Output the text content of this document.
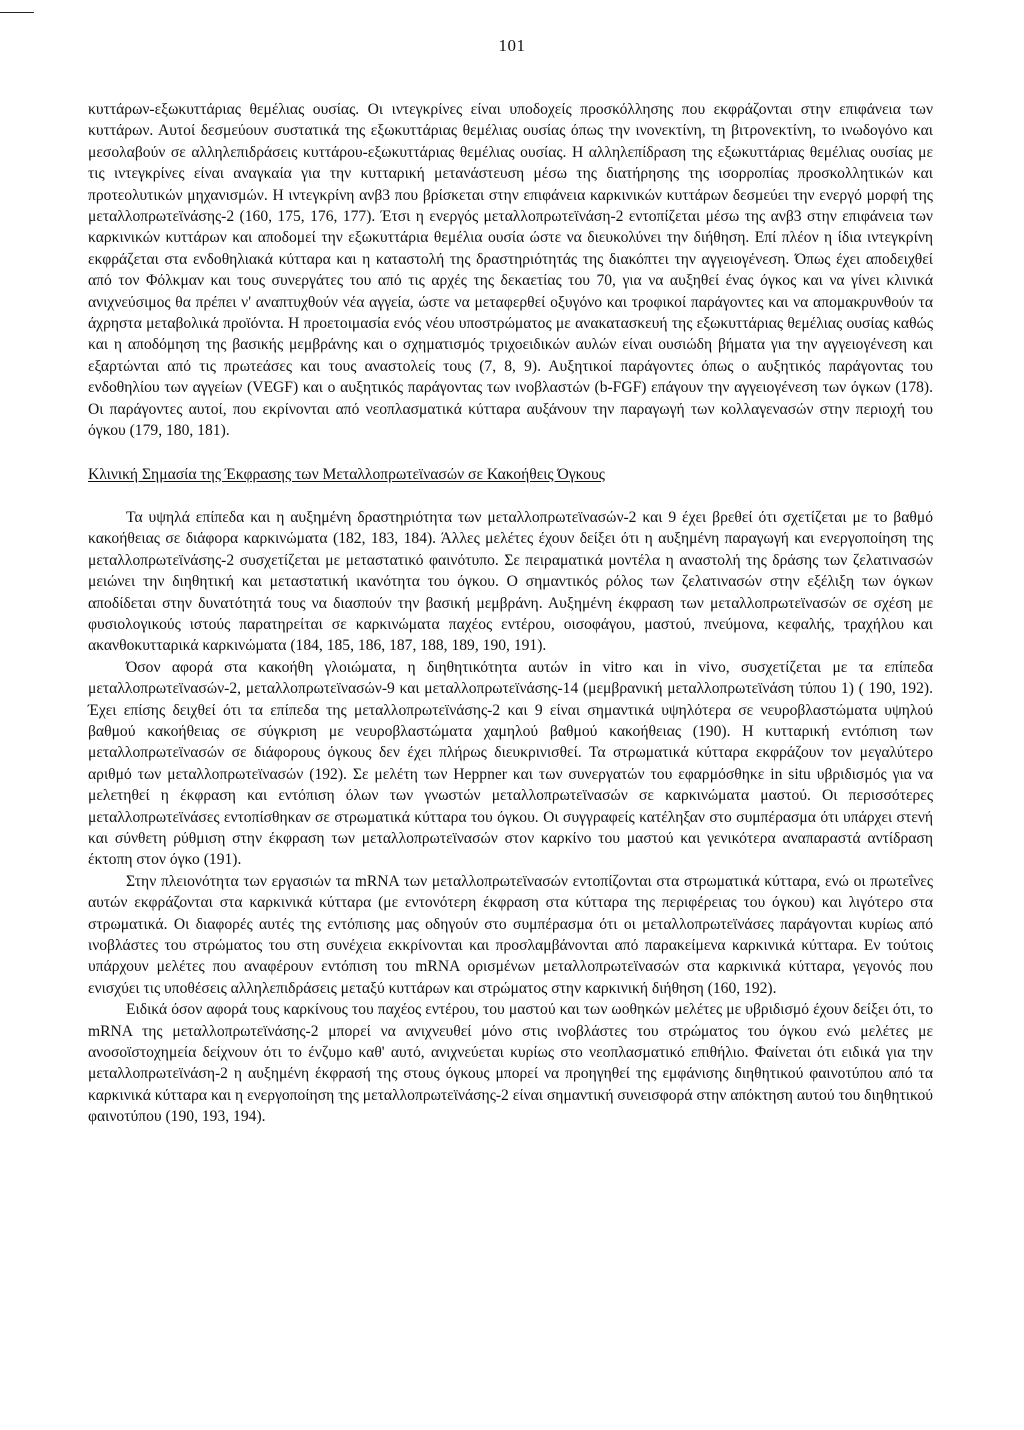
101

κυττάρων-εξωκυττάριας θεμέλιας ουσίας. Οι ιντεγκρίνες είναι υποδοχείς προσκόλλησης που εκφράζονται στην επιφάνεια των κυττάρων. Αυτοί δεσμεύουν συστατικά της εξωκυττάριας θεμέλιας ουσίας όπως την ινονεκτίνη, τη βιτρονεκτίνη, το ινωδογόνο και μεσολαβούν σε αλληλεπιδράσεις κυττάρου-εξωκυττάριας θεμέλιας ουσίας. Η αλληλεπίδραση της εξωκυττάριας θεμέλιας ουσίας με τις ιντεγκρίνες είναι αναγκαία για την κυτταρική μετανάστευση μέσω της διατήρησης της ισορροπίας προσκολλητικών και προτεολυτικών μηχανισμών. Η ιντεγκρίνη ανβ3 που βρίσκεται στην επιφάνεια καρκινικών κυττάρων δεσμεύει την ενεργό μορφή της μεταλλοπρωτεϊνάσης-2 (160, 175, 176, 177). Έτσι η ενεργός μεταλλοπρωτεϊνάση-2 εντοπίζεται μέσω της ανβ3 στην επιφάνεια των καρκινικών κυττάρων και αποδομεί την εξωκυττάρια θεμέλια ουσία ώστε να διευκολύνει την διήθηση. Επί πλέον η ίδια ιντεγκρίνη εκφράζεται στα ενδοθηλιακά κύτταρα και η καταστολή της δραστηριότητάς της διακόπτει την αγγειογένεση. Όπως έχει αποδειχθεί από τον Φόλκμαν και τους συνεργάτες του από τις αρχές της δεκαετίας του 70, για να αυξηθεί ένας όγκος και να γίνει κλινικά ανιχνεύσιμος θα πρέπει ν' αναπτυχθούν νέα αγγεία, ώστε να μεταφερθεί οξυγόνο και τροφικοί παράγοντες και να απομακρυνθούν τα άχρηστα μεταβολικά προϊόντα. Η προετοιμασία ενός νέου υποστρώματος με ανακατασκευή της εξωκυττάριας θεμέλιας ουσίας καθώς και η αποδόμηση της βασικής μεμβράνης και ο σχηματισμός τριχοειδικών αυλών είναι ουσιώδη βήματα για την αγγειογένεση και εξαρτώνται από τις πρωτεάσες και τους αναστολείς τους (7, 8, 9). Αυξητικοί παράγοντες όπως ο αυξητικός παράγοντας του ενδοθηλίου των αγγείων (VEGF) και ο αυξητικός παράγοντας των ινοβλαστών (b-FGF) επάγουν την αγγειογένεση των όγκων (178). Οι παράγοντες αυτοί, που εκρίνονται από νεοπλασματικά κύτταρα αυξάνουν την παραγωγή των κολλαγενασών στην περιοχή του όγκου (179, 180, 181).

Κλινική Σημασία της Έκφρασης των Μεταλλοπρωτεϊνασών σε Κακοήθεις Όγκους

Τα υψηλά επίπεδα και η αυξημένη δραστηριότητα των μεταλλοπρωτεϊνασών-2 και 9 έχει βρεθεί ότι σχετίζεται με το βαθμό κακοήθειας σε διάφορα καρκινώματα (182, 183, 184). Άλλες μελέτες έχουν δείξει ότι η αυξημένη παραγωγή και ενεργοποίηση της μεταλλοπρωτεϊνάσης-2 συσχετίζεται με μεταστατικό φαινότυπο. Σε πειραματικά μοντέλα η αναστολή της δράσης των ζελατινασών μειώνει την διηθητική και μεταστατική ικανότητα του όγκου. Ο σημαντικός ρόλος των ζελατινασών στην εξέλιξη των όγκων αποδίδεται στην δυνατότητά τους να διασπούν την βασική μεμβράνη. Αυξημένη έκφραση των μεταλλοπρωτεϊνασών σε σχέση με φυσιολογικούς ιστούς παρατηρείται σε καρκινώματα παχέος εντέρου, οισοφάγου, μαστού, πνεύμονα, κεφαλής, τραχήλου και ακανθοκυτταρικά καρκινώματα (184, 185, 186, 187, 188, 189, 190, 191).

Όσον αφορά στα κακοήθη γλοιώματα, η διηθητικότητα αυτών in vitro και in vivo, συσχετίζεται με τα επίπεδα μεταλλοπρωτεϊνασών-2, μεταλλοπρωτεϊνασών-9 και μεταλλοπρωτεϊνάσης-14 (μεμβρανική μεταλλοπρωτεϊνάση τύπου 1) ( 190, 192). Έχει επίσης δειχθεί ότι τα επίπεδα της μεταλλοπρωτεϊνάσης-2 και 9 είναι σημαντικά υψηλότερα σε νευροβλαστώματα υψηλού βαθμού κακοήθειας σε σύγκριση με νευροβλαστώματα χαμηλού βαθμού κακοήθειας (190). Η κυτταρική εντόπιση των μεταλλοπρωτεϊνασών σε διάφορους όγκους δεν έχει πλήρως διευκρινισθεί. Τα στρωματικά κύτταρα εκφράζουν τον μεγαλύτερο αριθμό των μεταλλοπρωτεϊνασών (192). Σε μελέτη των Heppner και των συνεργατών του εφαρμόσθηκε in situ υβριδισμός για να μελετηθεί η έκφραση και εντόπιση όλων των γνωστών μεταλλοπρωτεϊνασών σε καρκινώματα μαστού. Οι περισσότερες μεταλλοπρωτεϊνάσες εντοπίσθηκαν σε στρωματικά κύτταρα του όγκου. Οι συγγραφείς κατέληξαν στο συμπέρασμα ότι υπάρχει στενή και σύνθετη ρύθμιση στην έκφραση των μεταλλοπρωτεϊνασών στον καρκίνο του μαστού και γενικότερα αναπαραστά αντίδραση έκτοπη στον όγκο (191).

Στην πλειονότητα των εργασιών τα mRNA των μεταλλοπρωτεϊνασών εντοπίζονται στα στρωματικά κύτταρα, ενώ οι πρωτεΐνες αυτών εκφράζονται στα καρκινικά κύτταρα (με εντονότερη έκφραση στα κύτταρα της περιφέρειας του όγκου) και λιγότερο στα στρωματικά. Οι διαφορές αυτές της εντόπισης μας οδηγούν στο συμπέρασμα ότι οι μεταλλοπρωτεϊνάσες παράγονται κυρίως από ινοβλάστες του στρώματος του στη συνέχεια εκκρίνονται και προσλαμβάνονται από παρακείμενα καρκινικά κύτταρα. Εν τούτοις υπάρχουν μελέτες που αναφέρουν εντόπιση του mRNA ορισμένων μεταλλοπρωτεϊνασών στα καρκινικά κύτταρα, γεγονός που ενισχύει τις υποθέσεις αλληλεπιδράσεις μεταξύ κυττάρων και στρώματος στην καρκινική διήθηση (160, 192).

Ειδικά όσον αφορά τους καρκίνους του παχέος εντέρου, του μαστού και των ωοθηκών μελέτες με υβριδισμό έχουν δείξει ότι, το mRNA της μεταλλοπρωτεϊνάσης-2 μπορεί να ανιχνευθεί μόνο στις ινοβλάστες του στρώματος του όγκου ενώ μελέτες με ανοσοϊστοχημεία δείχνουν ότι το ένζυμο καθ' αυτό, ανιχνεύεται κυρίως στο νεοπλασματικό επιθήλιο. Φαίνεται ότι ειδικά για την μεταλλοπρωτεϊνάση-2 η αυξημένη έκφρασή της στους όγκους μπορεί να προηγηθεί της εμφάνισης διηθητικού φαινοτύπου από τα καρκινικά κύτταρα και η ενεργοποίηση της μεταλλοπρωτεϊνάσης-2 είναι σημαντική συνεισφορά στην απόκτηση αυτού του διηθητικού φαινοτύπου (190, 193, 194).
